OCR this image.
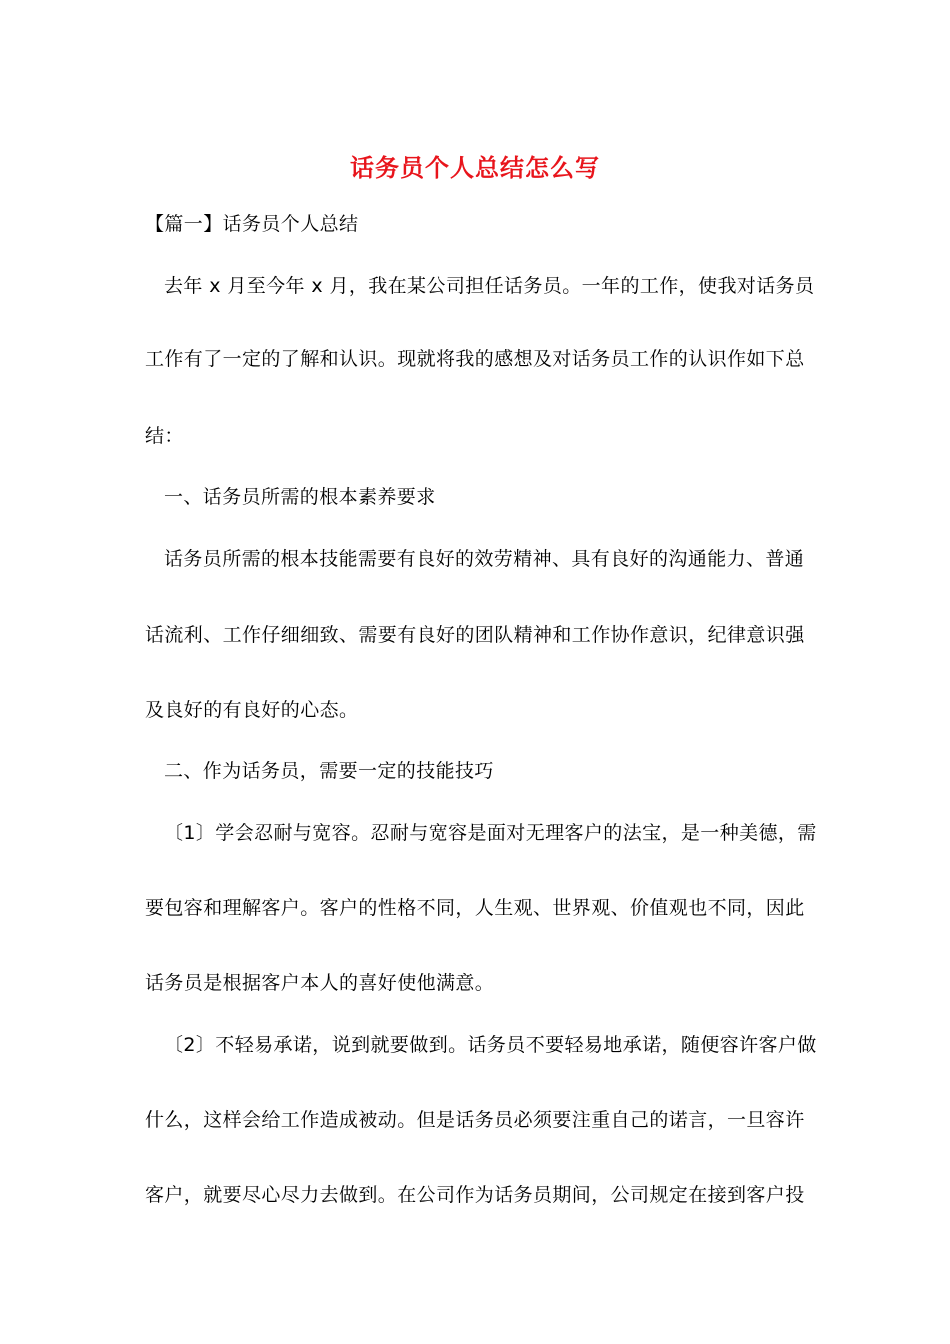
话务员个人总结怎么写
【篇一】话务员个人总结
去年 x 月至今年 x 月，我在某公司担任话务员。一年的工作，使我对话务员
工作有了一定的了解和认识。现就将我的感想及对话务员工作的认识作如下总
结：
一、话务员所需的根本素养要求
话务员所需的根本技能需要有良好的效劳精神、具有良好的沟通能力、普通
话流利、工作仔细细致、需要有良好的团队精神和工作协作意识，纪律意识强
及良好的有良好的心态。
二、作为话务员，需要一定的技能技巧
〔1〕学会忍耐与宽容。忍耐与宽容是面对无理客户的法宝，是一种美德，需
要包容和理解客户。客户的性格不同，人生观、世界观、价值观也不同，因此
话务员是根据客户本人的喜好使他满意。
〔2〕不轻易承诺，说到就要做到。话务员不要轻易地承诺，随便容许客户做
什么，这样会给工作造成被动。但是话务员必须要注重自己的诺言，一旦容许
客户，就要尽心尽力去做到。在公司作为话务员期间，公司规定在接到客户投
